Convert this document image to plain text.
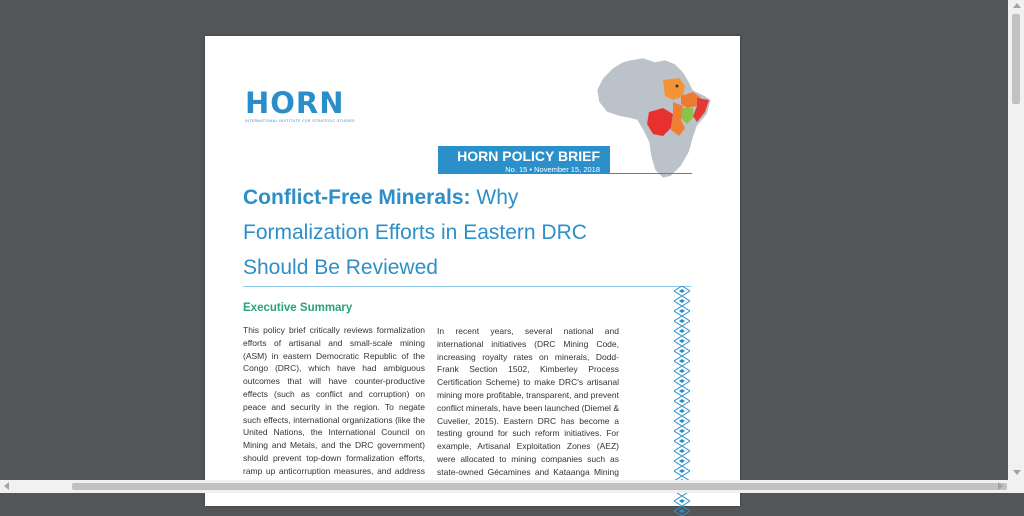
HORN
INTERNATIONAL INSTITUTE FOR STRATEGIC STUDIES
HORN POLICY BRIEF
No. 15 • November 15, 2018
Conflict-Free Minerals: Why
Formalization Efforts in Eastern DRC
Should Be Reviewed
Executive Summary
This policy brief critically reviews formalization efforts of artisanal and small-scale mining (ASM) in eastern Democratic Republic of the Congo (DRC), which have had ambiguous outcomes that will have counter-productive effects (such as conflict and corruption) on peace and security in the region. To negate such effects, international organizations (like the United Nations, the International Council on Mining and Metals, and the DRC government) should prevent top-down formalization efforts, ramp up anticorruption measures, and address
In recent years, several national and international initiatives (DRC Mining Code, increasing royalty rates on minerals, Dodd-Frank Section 1502, Kimberley Process Certification Scheme) to make DRC's artisanal mining more profitable, transparent, and prevent conflict minerals, have been launched (Diemel & Cuvelier, 2015). Eastern DRC has become a testing ground for such reform initiatives. For example, Artisanal Exploitation Zones (AEZ) were allocated to mining companies such as state-owned Gécamines and Kataanga Mining
